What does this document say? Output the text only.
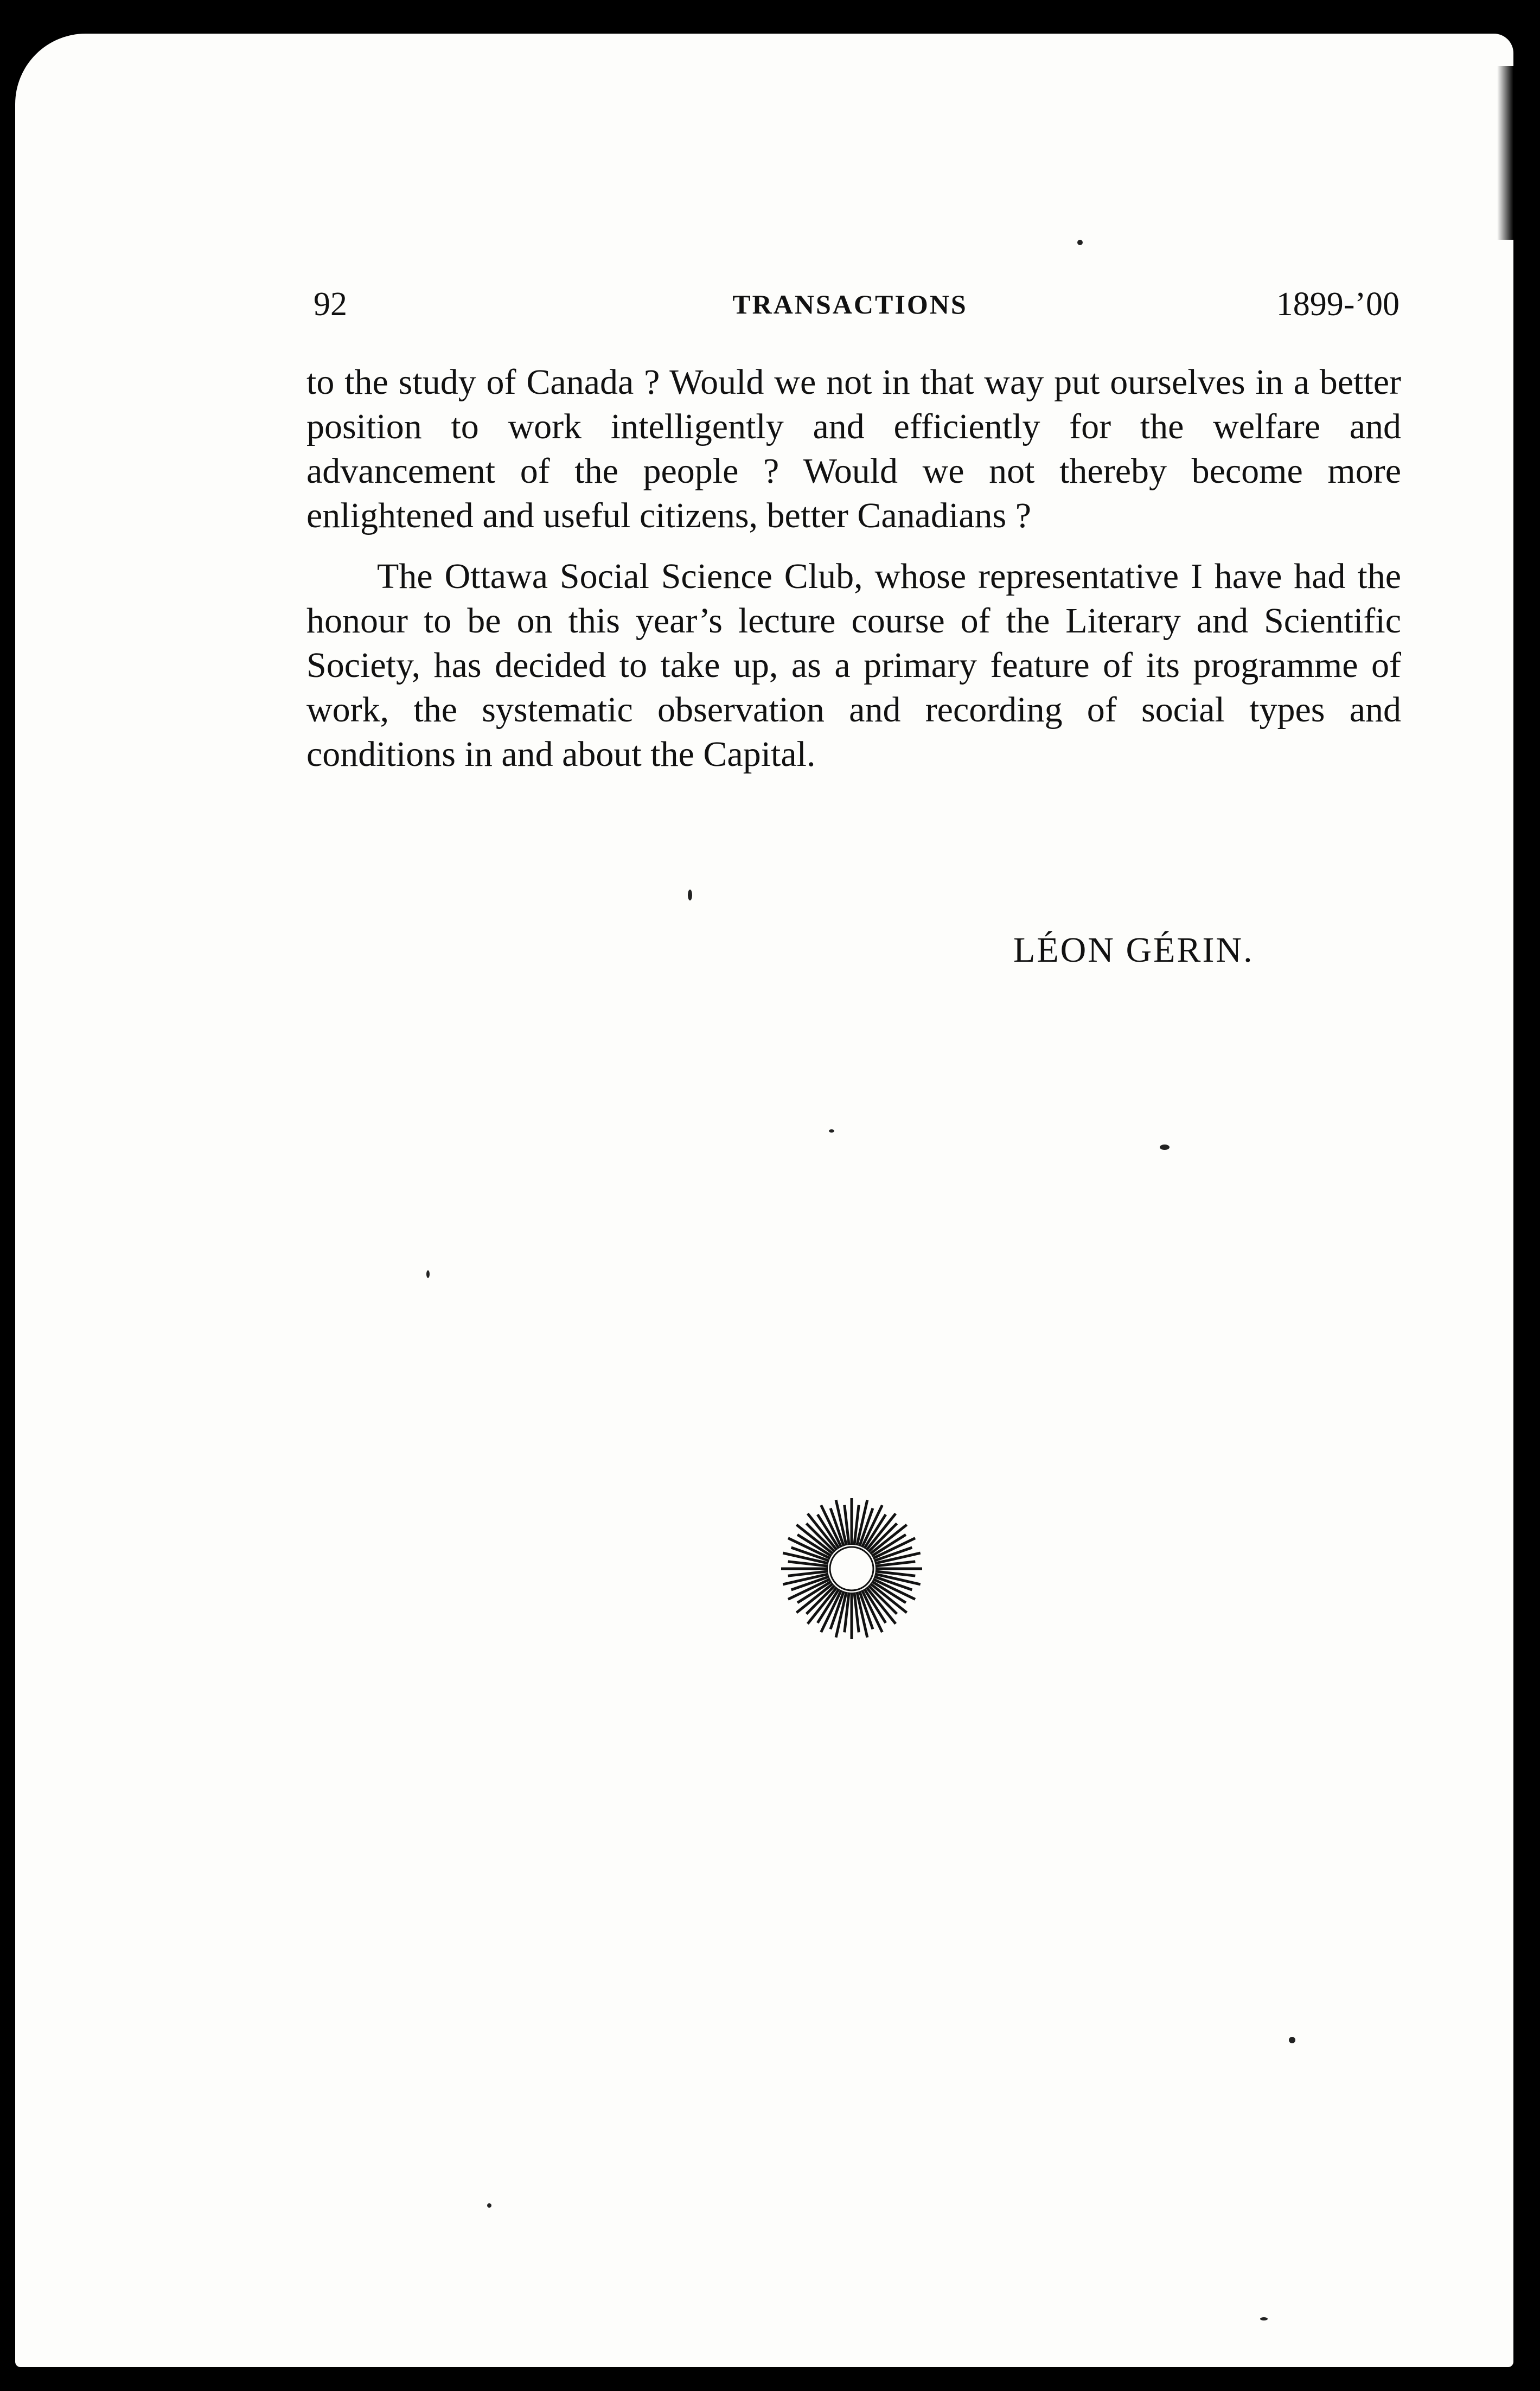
92	TRANSACTIONS	1899-’00

to the study of Canada ? Would we not in that way put ourselves in a better position to work intelligently and efficiently for the welfare and advancement of the people ? Would we not thereby become more enlightened and useful citizens, better Canadians ?

The Ottawa Social Science Club, whose representative I have had the honour to be on this year’s lecture course of the Literary and Scientific Society, has decided to take up, as a primary feature of its programme of work, the systematic observation and recording of social types and conditions in and about the Capital.

LÉON GÉRIN.
